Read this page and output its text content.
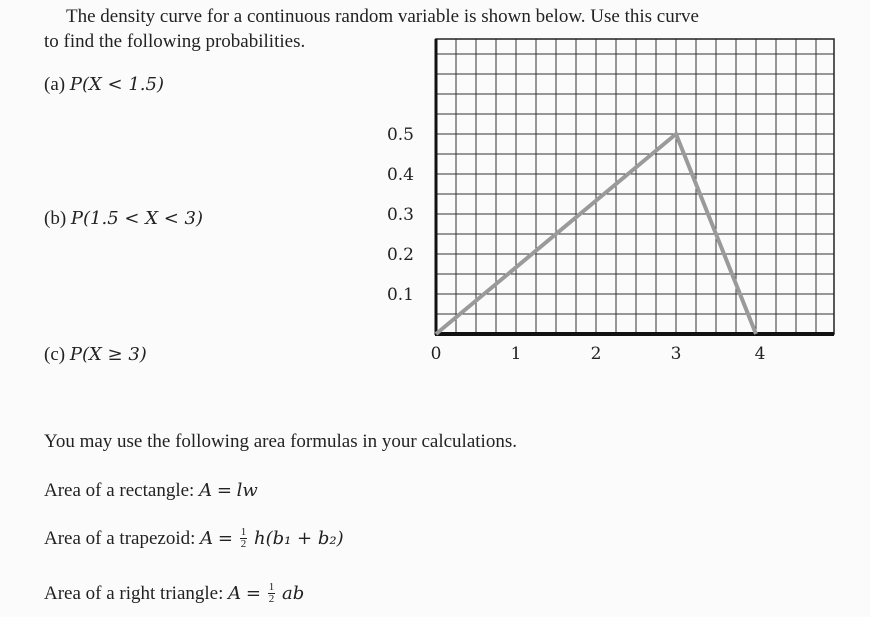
The density curve for a continuous random variable is shown below. Use this curve
to find the following probabilities.
(a) P(X < 1.5)
(b) P(1.5 < X < 3)
(c) P(X ≥ 3)	0	1	2	3	4
0.1
0.2
0.3
0.4
0.5
You may use the following area formulas in your calculations.
Area of a rectangle: A = lw
Area of a trapezoid: $A = \frac{1}{2} h(b_1 + b_2)$
Area of a right triangle: $A = \frac{1}{2}$ ab
